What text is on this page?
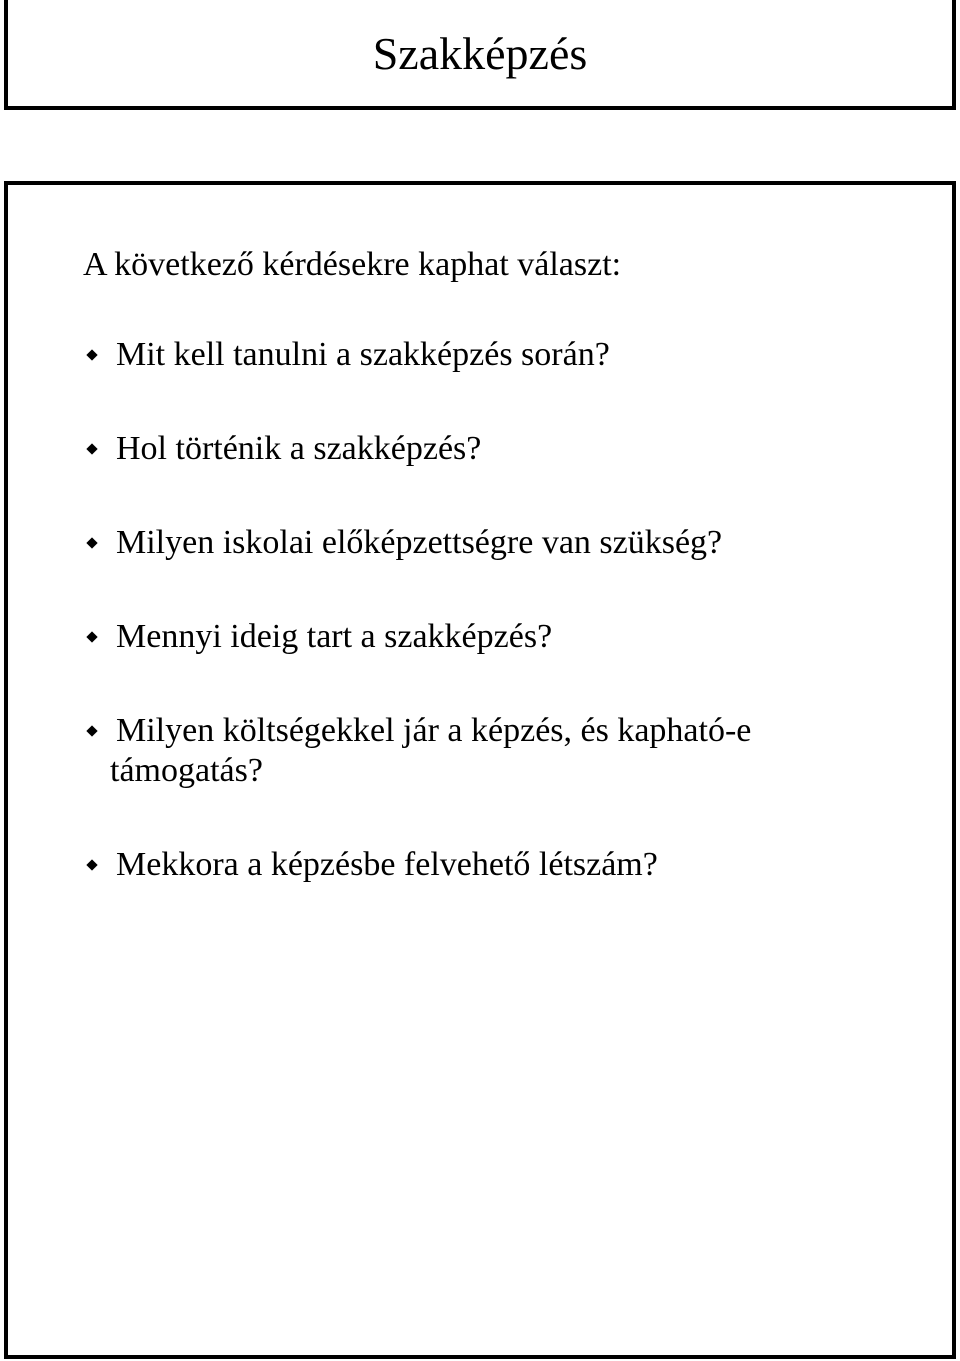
Szakképzés
A következő kérdésekre kaphat választ:
Mit kell tanulni a szakképzés során?
Hol történik a szakképzés?
Milyen iskolai előképzettségre van szükség?
Mennyi ideig tart a szakképzés?
Milyen költségekkel jár a képzés, és kapható-e
támogatás?
Mekkora a képzésbe felvehető létszám?
